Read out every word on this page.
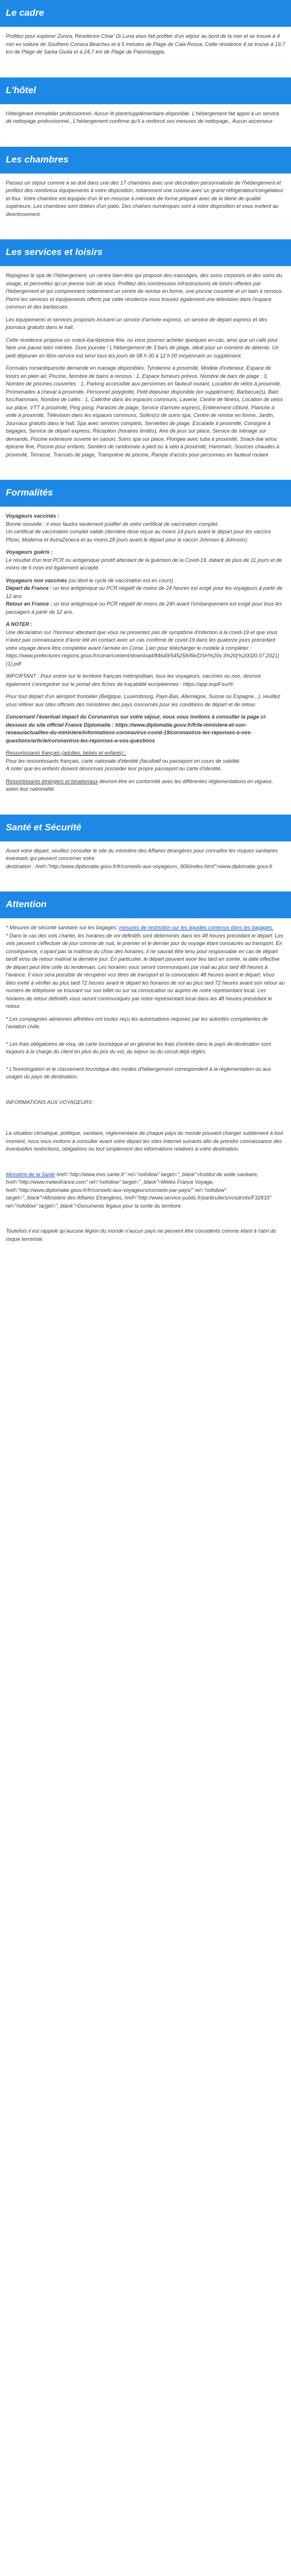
Le cadre

Profitez pour explorer Zonza, Résidence Chiar' Di Luna vous fait profiter d'un séjour au bord de la mer et se trouve à 4 min en voiture de Southern Corsica Beaches et à 5 minutes de Plage de Cala Rossa. Cette résidence 4 se trouve à 19,7 km de Plage de Santa Giulia et à 24,7 km de Plage de Palombaggia.

L'hôtel

Hôte/gérant immobilier professionnel. Aucun lit plant/supplémentaire disponible. L'hébergement fait appel à un service de nettoyage professionnel., L'hébergement confirme qu'il a renforcé ses mesures de nettoyage,, Aucun ascenseur

Les chambres

Passez un séjour comme à se doit dans une des 17 chambres avec une décoration personnalisée de l'hébergement et profitez des nombreux équipements à votre disposition, notamment une cuisine avec un grand réfrigérateur/congélateur et four. Votre chambre est équipée d'un lit en mousse à mémoire de forme préparé avec de la literie de qualité supérieure. Les chambres sont dotées d'un patio. Des chaînes numériques sont à votre disposition et vous invitent au divertissement.

Les services et loisirs

Rejoignez le spa de l'hébergement, un centre bien-être qui propose des massages, des soins corporels et des soins du visage, et permettez qu'un jeenne soin de vous. Profitez des nombreuses infrastructures de loisirs offertes par l'hébergement et qui comprennent notamment un centre de remise en forme, une piscine couverte et un bain à remous. Parmi les services et équipements offerts par cette résidence vous trouvez également une télévision dans l'espace commun et des barbecues.

Les équipements et services proposés incluent un service d'arrivée express, un service de départ express et des journaux gratuits dans le hall.

Cette résidence propose un snack-bar/épicerie fine, où vous pourrez acheter quelques en-cas, ainsi que un café pour faire une pause bien méritée. Dure journée ! L'hébergement de 3 bars de plage, idéal pour un moment de détente. Un petit déjeuner en libre-service est servi tous les jours de 08 h 30 à 12 h 00 moyennant un supplément.

Formules romantiques/de demande en mariage disponibles, Tyrolienne à proximité, Modèle d'extérieur, Espace de loisirs en plein air, Piscine, Nombre de bains à remous : 1, Espace fumeurs prévus, Nombre de bars de plage : 3, Nombre de piscines couvertes : 1, Parking accessible aux personnes en fauteuil roulant, Location de vélos à proximité, Promenades à cheval à proximité, Personnel polyglotte, Petit-déjeuner disponible (en supplément), Barbecue(s), Bain turc/hammam, Nombre de cafés : 1, Café/thé dans les espaces communs, Laverie, Centre de fitness, Location de vélos sur place, VTT à proximité, Ping pong, Parasols de plage, Service d'arrivée express, Entièrement clôturé, Planche à voile à proximité, Télévision dans les espaces communs, Soiles(s) de soins spa, Centre de remise en forme, Jardin, Journaux gratuits dans le hall, Spa avec services complets, Serviettes de plage, Escalade à proximité, Consigne à bagages, Service de départ express, Réception (horaires limités), Aire de jeux sur place, Service de ménage sur demande, Piscine extérieure ouverte en saison, Soins spa sur place, Plongée avec tuba à proximité, Snack-bar et/ou épicerie fine, Piscine pour enfants, Sentiers de randonnée à pied ou à vélo à proximité, Hammam, Sources chaudes à proximité, Terrasse, Transats de plage, Trampoline de piscine, Rampe d'accès pour personnes en fauteuil roulant

Formalités
Voyageurs vaccinés :

Bonne nouvelle : il vous faudra seulement justifier de votre certificat de vaccination complet.

Un certificat de vaccination complet valide (dernière dose reçue au moins 14 jours avant le départ pour les vaccins Pfizer, Moderna et AstraZeneca et au moins 28 jours avant le départ pour le vaccin Johnson & Johnson).

Voyageurs guéris :

Le résultat d'un test PCR ou antigénique positif attestant de la guérison de la Covid-19, datant de plus de 11 jours et de moins de 6 mois est également accepté.

Voyageurs non vaccinés (ou dont le cycle de vaccination est en cours)

Départ de France : un test antigénique ou PCR négatif de moins de 24 heures est exigé pour les voyageurs à partir de 12 ans.

Retour en France : un test antigénique ou PCR négatif de moins de 24h avant l'embarquement est exigé pour tous les passagers à partir de 12 ans.

A NOTER :

Une déclaration sur l'honneur attestant que vous ne présentez pas de symptôme d'infection à la covid-19 et que vous n'avez pas connaissance d'avoir été en contact avec un cas confirmé de covid-19 dans les quatorze jours précédant votre voyage devra être complétée avant l'arrivée en Corse. Lien pour télécharger le modèle à compléter : https://www.prefectures-regions.gouv.fr/corse/content/download/84649/545258/file/DSH%20v.3%20(%20020.07.2021)(1).pdf

IMPORTANT : Pour entrer sur le territoire français métropolitain, tous les voyageurs, vaccinés ou non, devront également s'enregistrer sur le portail des fiches de traçabilité européennes : https://app.euplf.eu/#/

Pour tout départ d'un aéroport frontalier (Belgique, Luxembourg, Pays-Bas, Allemagne, Suisse ou Espagne...), veuillez vous référer aux sites officiels des ministères des pays concernés pour les conditions de départ et de retour.

Concernant l'éventuel impact du Coronavirus sur votre séjour, nous vous invitons à consulter la page ci-dessous du site officiel France Diplomatie : https://www.diplomatie.gouv.fr/fr/le-ministere-et-son-reseau/actualites-du-ministere/informations-coronavirus-covid-19/coronavirus-les-reponses-a-vos-questions/article/coronavirus-les-reponses-a-vos-questions

Ressortissants français (adultes, bébés et enfants) :
Pour les ressortissants français, carte nationale d'identité (facultatif ou passeport en cours de validité.
A noter que les enfants doivent désormais posséder leur propre passeport ou carte d'identité.

Ressortissants étrangers et binationaux devront être en conformité avec les différentes réglementations en vigueur, selon leur nationalité.

Santé et Sécurité

Avant votre départ, veuillez consulter le site du ministère des Affaires étrangères pour connaître les risques sanitaires éventuels qui peuvent concerner votre
destination : href="http://www.diplomatie.gouv.fr/fr/conseils-aux-voyageurs_909/index.html">www.diplomatie.gouv.fr

Attention

* Mesures de sécurité sanitaire sur les bagages: mesures de restriction sur les liquides contenus dans les bagages.

* Dans le cas des vols charter, les horaires de vol définitifs sont déterminés dans les 48 heures précédant le départ. Les vols peuvent s'effectuer de jour comme de nuit, le premier et le dernier jour du voyage étant consacrés au transport. En conséquence, n'ayant pas la maîtrise du choix des horaires, il ne saurait être tenu pour responsable en cas de départ tardif et/ou de retour matinal la dernière jour. En particulier, le départ pouvant avoir lieu tard en soirée, la date effective de départ peut être celle du lendemain. Les horaires vous seront communiqués par mail au plus tard 48 heures à l'avance. Il vous sera possible de récupérer vos titres de transport et la convocation 48 heures avant le départ. Vous êtes invité à vérifier au plus tard 72 heures avant le départ les horaires de vol au plus tard 72 heures avant son retour au numéro de téléphone se trouvant sur son billet ou sur sa convocation ou auprès de notre représentant local. Les horaires de retour définitifs vous seront communiqués par notre représentant local dans les 48 heures précédant le retour.

* Les compagnies aériennes affrétées ont toutes reçu les autorisations requises par les autorités compétentes de l'aviation civile.

* Les frais obligatoires de visa, de carte touristique et en général les frais d'entrée dans le pays de destination sont toujours à la charge du client en plus du prix du vol, du séjour ou du circuit déjà réglés.

* L'homologation et le classement touristique des modes d'hébergement correspondent à la réglementation ou aux usages du pays de destination.

INFORMATIONS AUX VOYAGEURS :

La situation climatique, politique, sanitaire, réglementaire de chaque pays du monde pouvant changer subitement à tout moment, nous vous invitons à consulter avant votre départ les sites Internet suivants afin de prendre connaissance des éventuelles restrictions, obligations ou tout simplement des informations relatives à votre destination.

Ministère de la Santé href="http://www.invs.sante.fr" rel="nofollow" target="_blank">Institut de veille sanitaire, href="http://www.meteofrance.com" rel="nofollow" target="_blank">Météo France Voyage, href="http://www.diplomatie.gouv.fr/fr/conseils-aux-voyageurs/conseils-par-pays/" rel="nofollow" target="_blank">Ministère des Affaires Etrangères, href="http://www.service-public.fr/particuliers/vosdroits/F32833" rel="nofollow" target="_blank">Documents légaux pour la sortie du territoire.

Toutefois il est rappelé qu'aucune légion du monde n'aucun pays ne peuvent être considérés comme étant à l'abri du risque terroriste.
